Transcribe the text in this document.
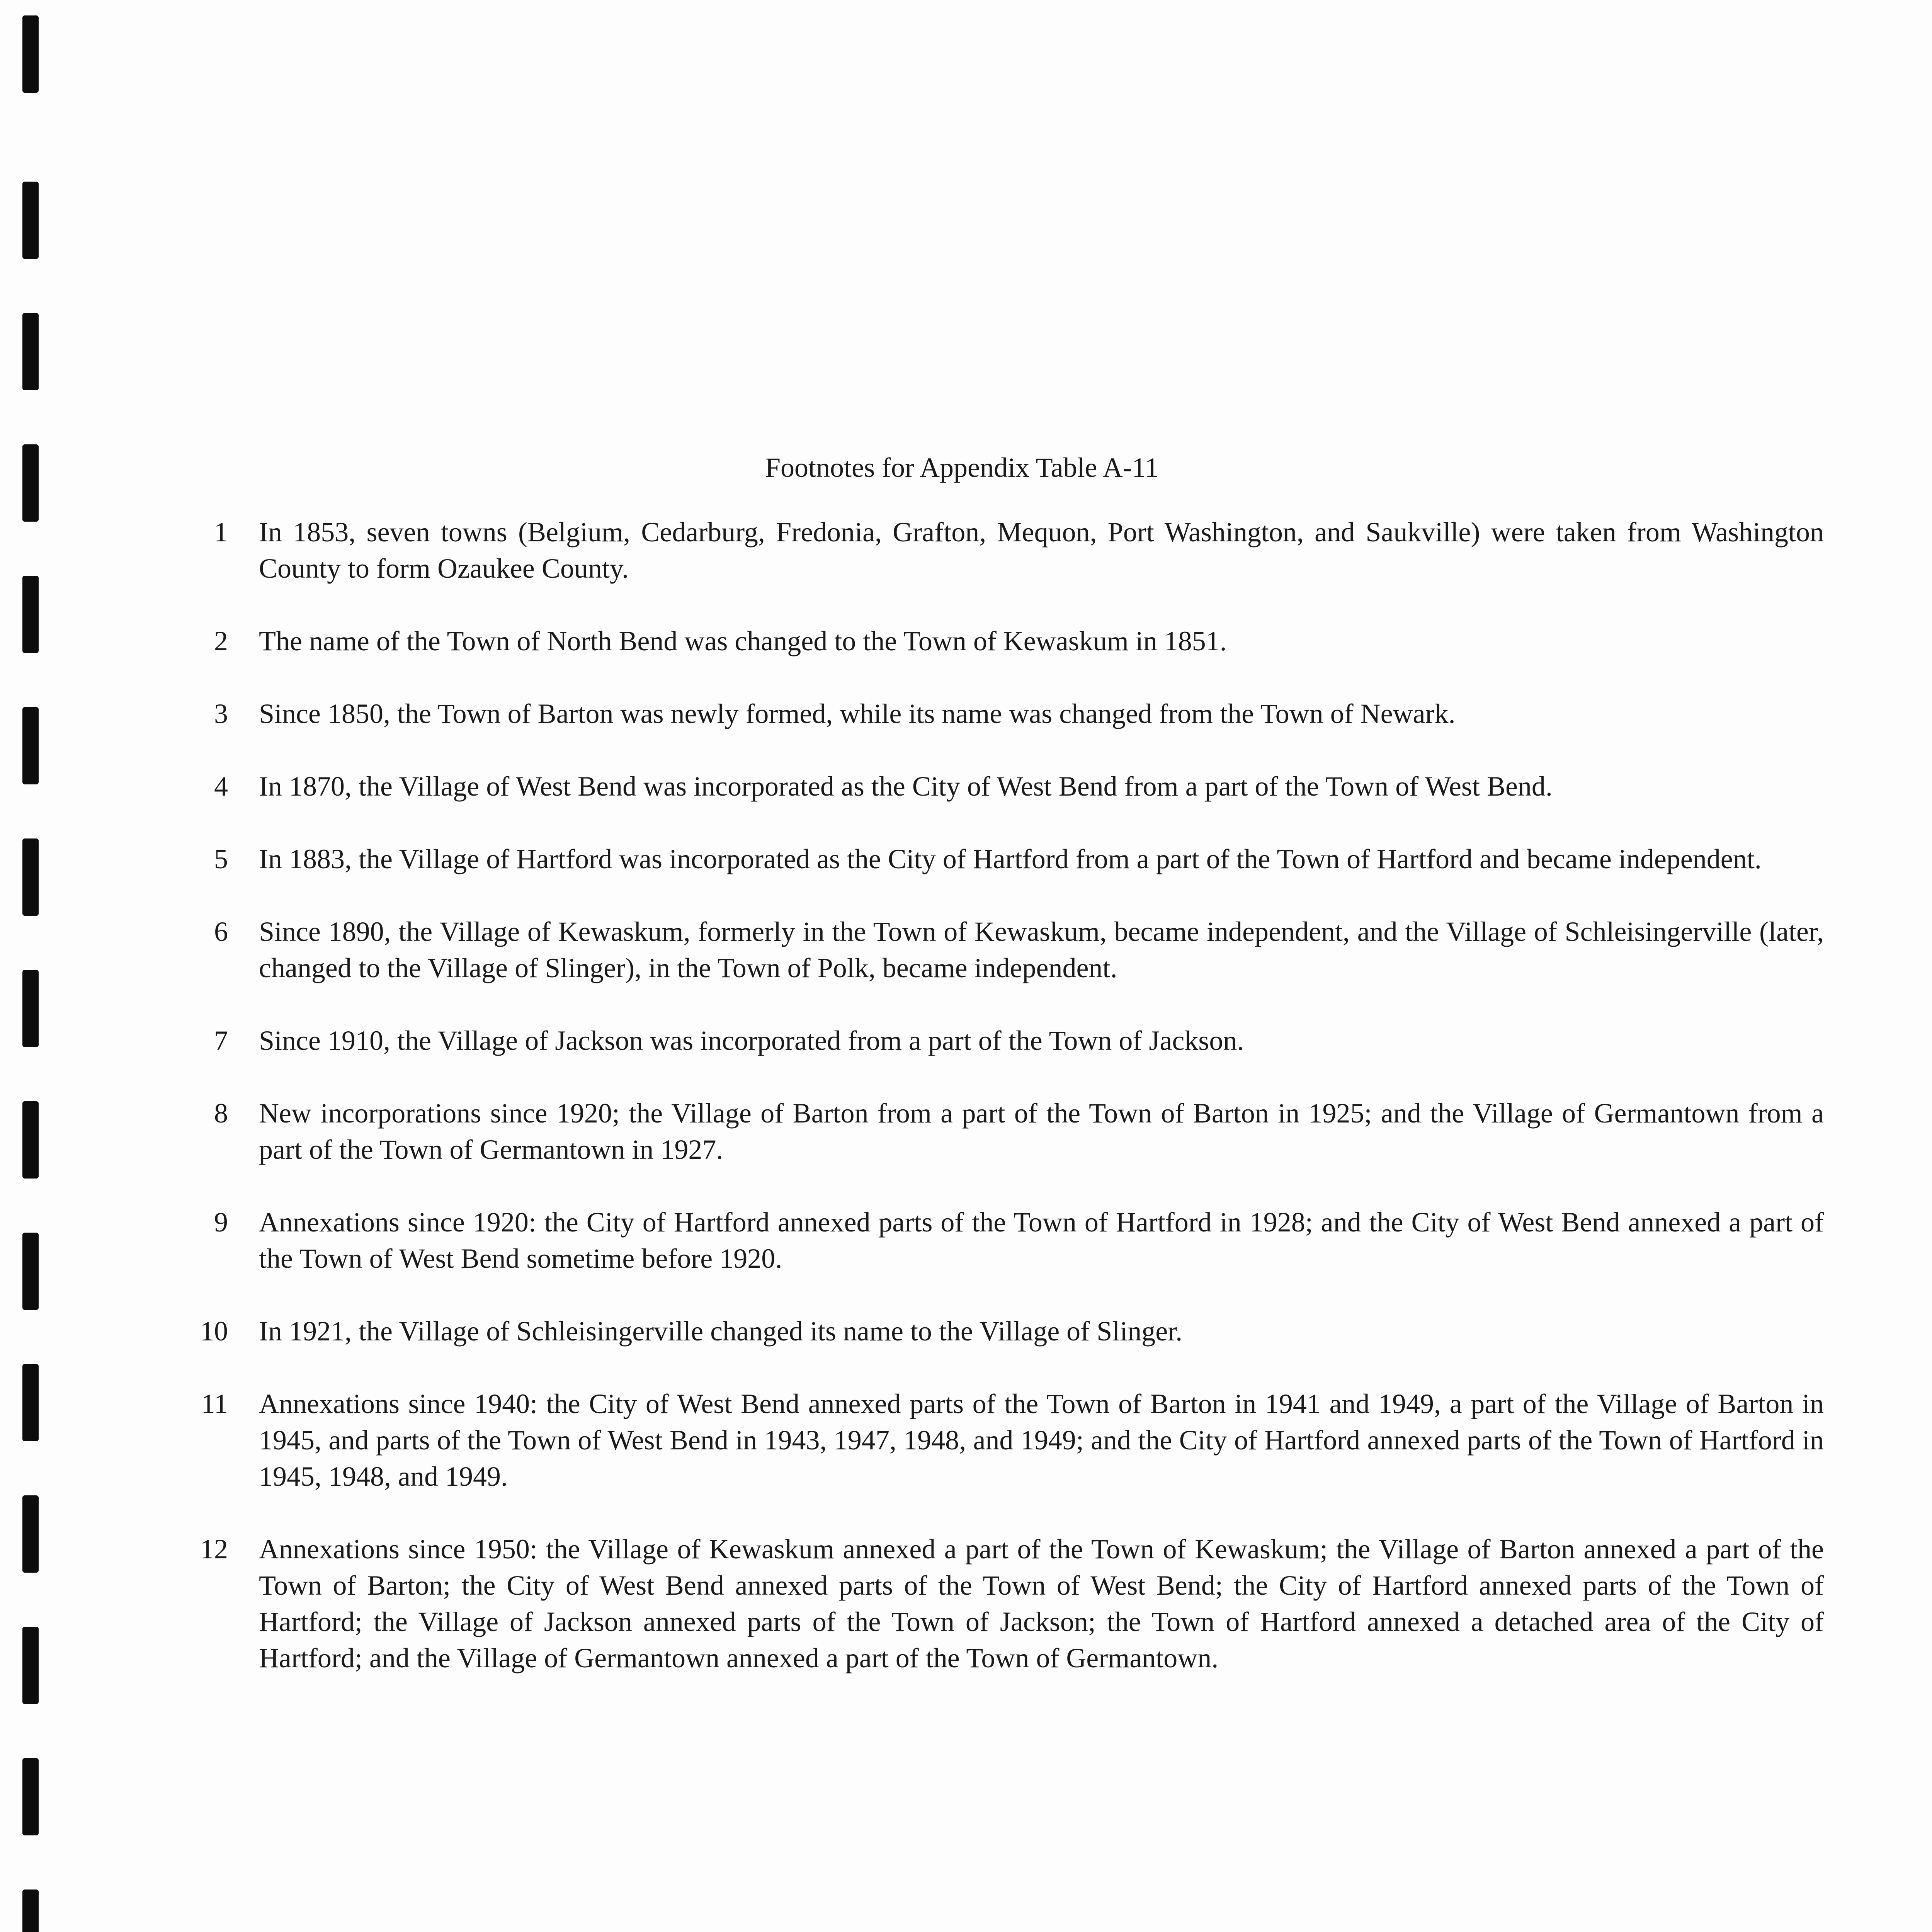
Footnotes for Appendix Table A-11
1 In 1853, seven towns (Belgium, Cedarburg, Fredonia, Grafton, Mequon, Port Washington, and Saukville) were taken from Washington County to form Ozaukee County.
2 The name of the Town of North Bend was changed to the Town of Kewaskum in 1851.
3 Since 1850, the Town of Barton was newly formed, while its name was changed from the Town of Newark.
4 In 1870, the Village of West Bend was incorporated as the City of West Bend from a part of the Town of West Bend.
5 In 1883, the Village of Hartford was incorporated as the City of Hartford from a part of the Town of Hartford and became independent.
6 Since 1890, the Village of Kewaskum, formerly in the Town of Kewaskum, became independent, and the Village of Schleisingerville (later, changed to the Village of Slinger), in the Town of Polk, became independent.
7 Since 1910, the Village of Jackson was incorporated from a part of the Town of Jackson.
8 New incorporations since 1920; the Village of Barton from a part of the Town of Barton in 1925; and the Village of Germantown from a part of the Town of Germantown in 1927.
9 Annexations since 1920: the City of Hartford annexed parts of the Town of Hartford in 1928; and the City of West Bend annexed a part of the Town of West Bend sometime before 1920.
10 In 1921, the Village of Schleisingerville changed its name to the Village of Slinger.
11 Annexations since 1940: the City of West Bend annexed parts of the Town of Barton in 1941 and 1949, a part of the Village of Barton in 1945, and parts of the Town of West Bend in 1943, 1947, 1948, and 1949; and the City of Hartford annexed parts of the Town of Hartford in 1945, 1948, and 1949.
12 Annexations since 1950: the Village of Kewaskum annexed a part of the Town of Kewaskum; the Village of Barton annexed a part of the Town of Barton; the City of West Bend annexed parts of the Town of West Bend; the City of Hartford annexed parts of the Town of Hartford; the Village of Jackson annexed parts of the Town of Jackson; the Town of Hartford annexed a detached area of the City of Hartford; and the Village of Germantown annexed a part of the Town of Germantown.
